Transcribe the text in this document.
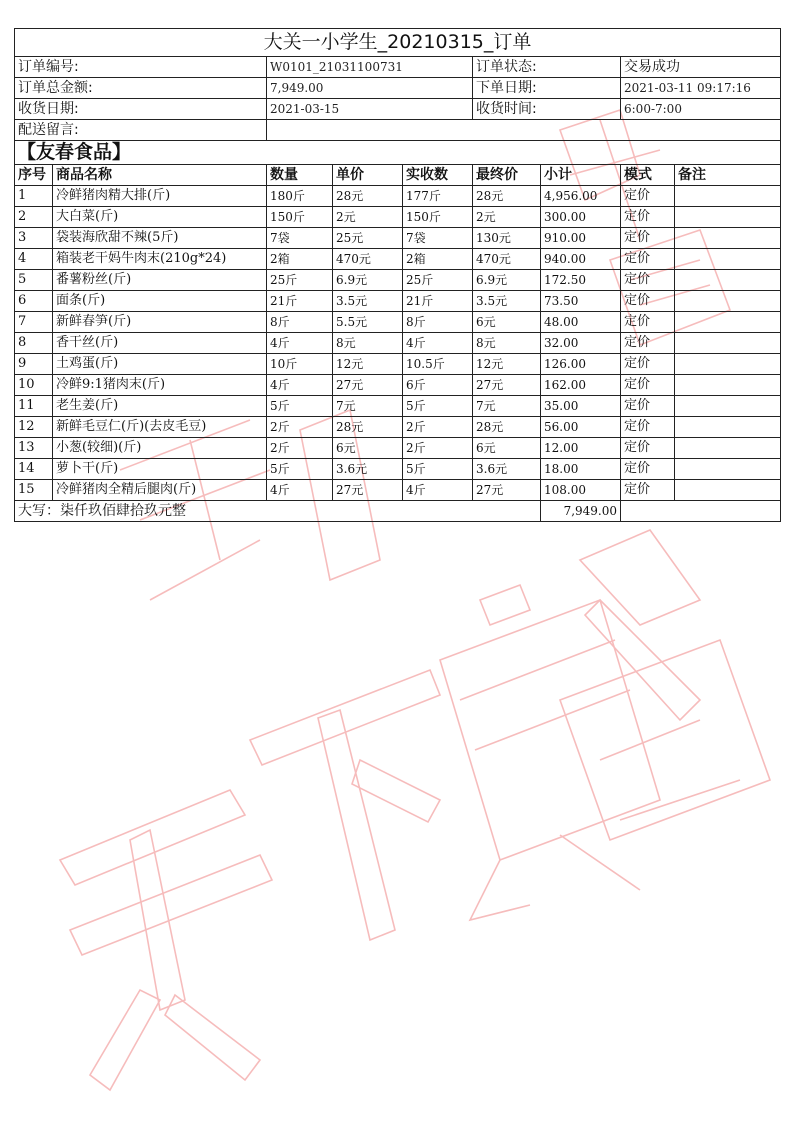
大关一小学生_20210315_订单			
订单编号:	W0101_21031100731	订单状态:	交易成功
订单总金额:	7,949.00	下单日期:	2021-03-11 09:17:16
收货日期:	2021-03-15	收货时间:	6:00-7:00
配送留言:			
【友春食品】			
序号	商品名称	数量	单价	实收数	最终价	小计	模式	备注
1	冷鲜猪肉精大排(斤)	180斤	28元	177斤	28元	4,956.00	定价	
2	大白菜(斤)	150斤	2元	150斤	2元	300.00	定价	
3	袋装海欣甜不辣(5斤)	7袋	25元	7袋	130元	910.00	定价	
4	箱装老干妈牛肉末(210g*24)	2箱	470元	2箱	470元	940.00	定价	
5	番薯粉丝(斤)	25斤	6.9元	25斤	6.9元	172.50	定价	
6	面条(斤)	21斤	3.5元	21斤	3.5元	73.50	定价	
7	新鲜春笋(斤)	8斤	5.5元	8斤	6元	48.00	定价	
8	香干丝(斤)	4斤	8元	4斤	8元	32.00	定价	
9	土鸡蛋(斤)	10斤	12元	10.5斤	12元	126.00	定价	
10	冷鲜9:1猪肉末(斤)	4斤	27元	6斤	27元	162.00	定价	
11	老生姜(斤)	5斤	7元	5斤	7元	35.00	定价	
12	新鲜毛豆仁(斤)(去皮毛豆)	2斤	28元	2斤	28元	56.00	定价	
13	小葱(较细)(斤)	2斤	6元	2斤	6元	12.00	定价	
14	萝卜干(斤)	5斤	3.6元	5斤	3.6元	18.00	定价	
15	冷鲜猪肉全精后腿肉(斤)	4斤	27元	4斤	27元	108.00	定价	
大写：柒仟玖佰肆拾玖元整						7,949.00		
